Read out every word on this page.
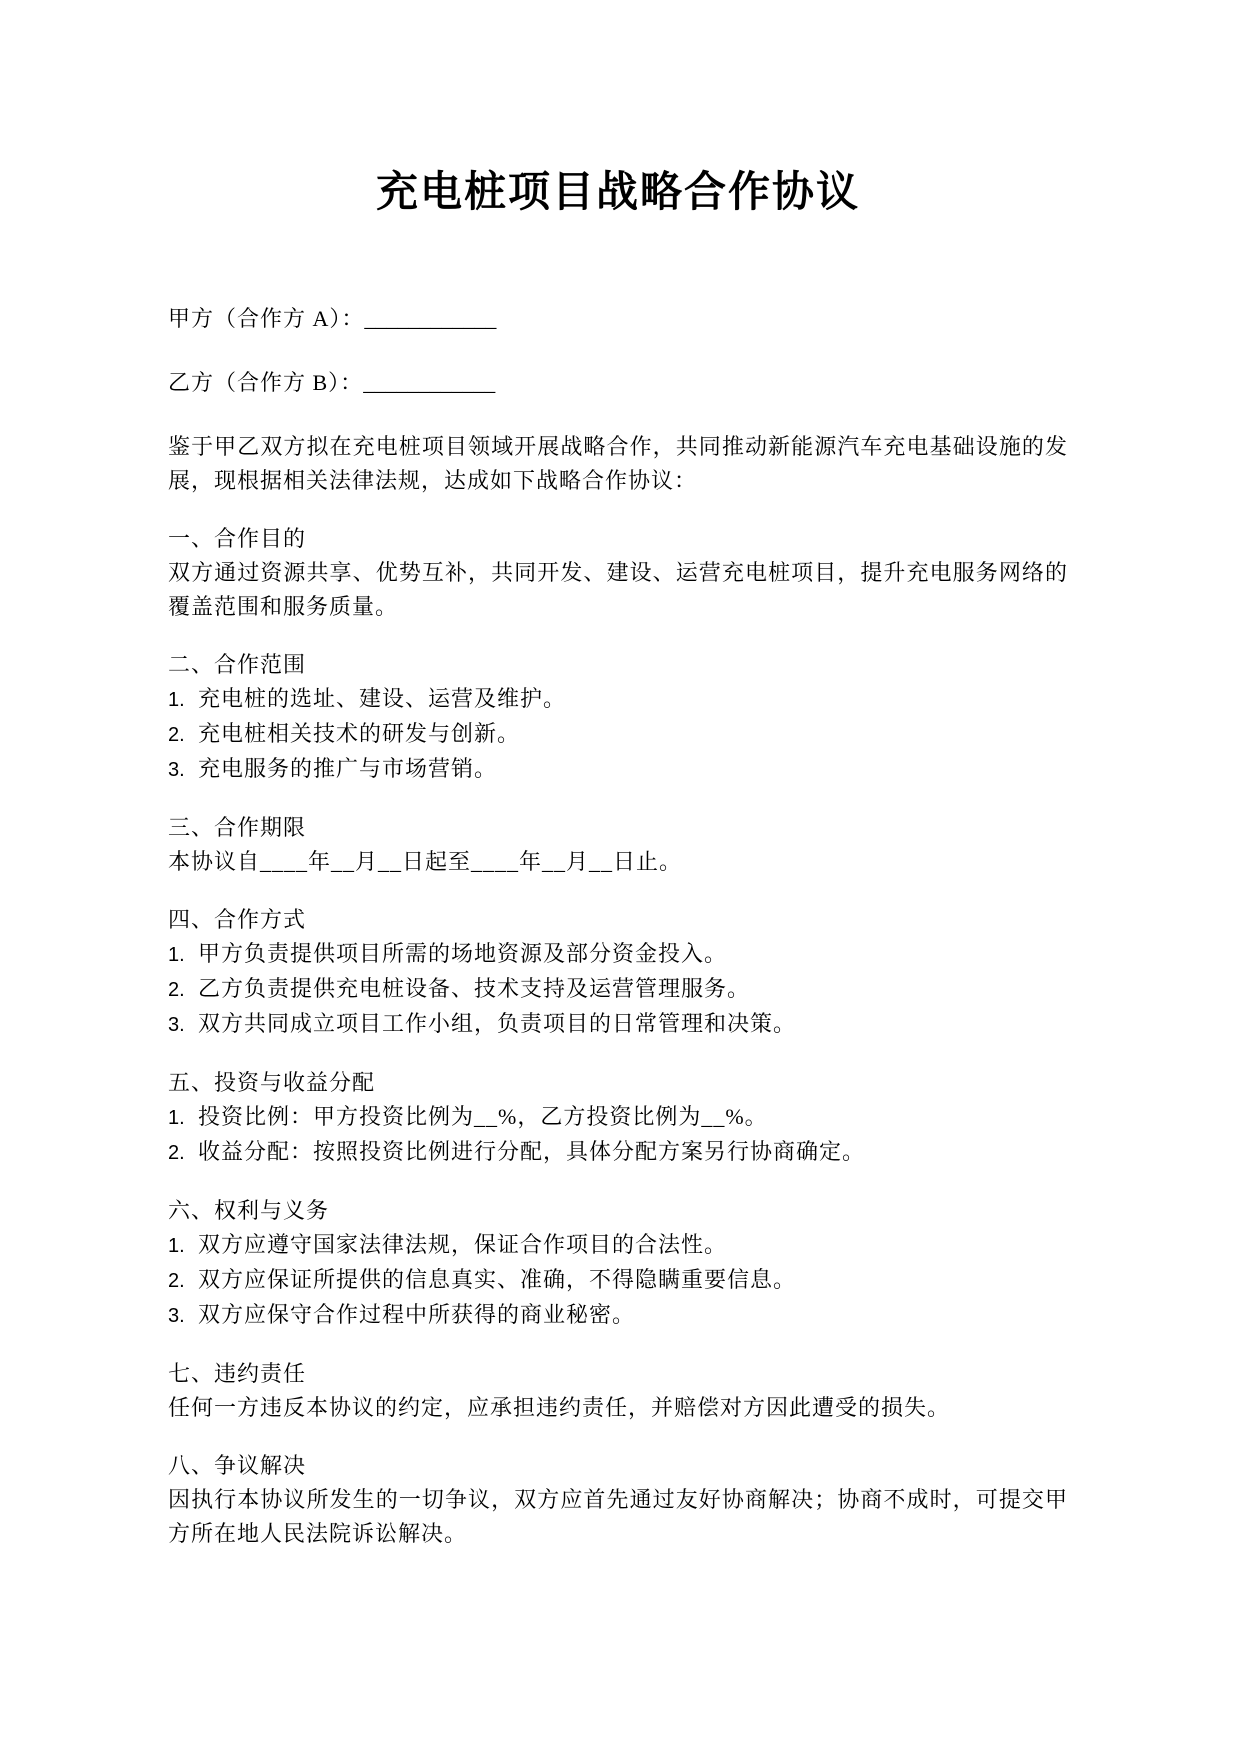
充电桩项目战略合作协议

甲方（合作方 A）：____________

乙方（合作方 B）：____________

鉴于甲乙双方拟在充电桩项目领域开展战略合作，共同推动新能源汽车充电基础设施的发展，现根据相关法律法规，达成如下战略合作协议：

一、合作目的

双方通过资源共享、优势互补，共同开发、建设、运营充电桩项目，提升充电服务网络的覆盖范围和服务质量。

二、合作范围
1. 充电桩的选址、建设、运营及维护。
2. 充电桩相关技术的研发与创新。
3. 充电服务的推广与市场营销。
三、合作期限

本协议自____年__月__日起至____年__月__日止。

四、合作方式
1. 甲方负责提供项目所需的场地资源及部分资金投入。
2. 乙方负责提供充电桩设备、技术支持及运营管理服务。
3. 双方共同成立项目工作小组，负责项目的日常管理和决策。
五、投资与收益分配
1. 投资比例：甲方投资比例为__%，乙方投资比例为__%。
2. 收益分配：按照投资比例进行分配，具体分配方案另行协商确定。
六、权利与义务
1. 双方应遵守国家法律法规，保证合作项目的合法性。
2. 双方应保证所提供的信息真实、准确，不得隐瞒重要信息。
3. 双方应保守合作过程中所获得的商业秘密。
七、违约责任

任何一方违反本协议的约定，应承担违约责任，并赔偿对方因此遭受的损失。

八、争议解决

因执行本协议所发生的一切争议，双方应首先通过友好协商解决；协商不成时，可提交甲方所在地人民法院诉讼解决。
